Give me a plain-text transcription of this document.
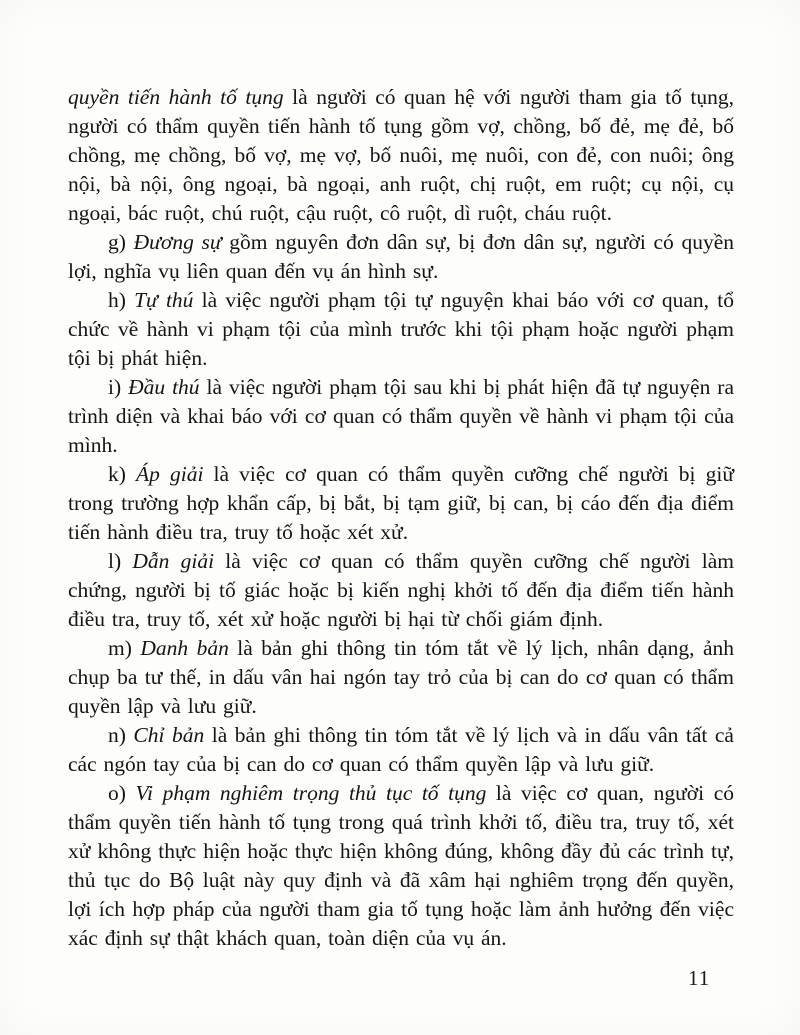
quyền tiến hành tố tụng là người có quan hệ với người tham gia tố tụng, người có thẩm quyền tiến hành tố tụng gồm vợ, chồng, bố đẻ, mẹ đẻ, bố chồng, mẹ chồng, bố vợ, mẹ vợ, bố nuôi, mẹ nuôi, con đẻ, con nuôi; ông nội, bà nội, ông ngoại, bà ngoại, anh ruột, chị ruột, em ruột; cụ nội, cụ ngoại, bác ruột, chú ruột, cậu ruột, cô ruột, dì ruột, cháu ruột.

g) Đương sự gồm nguyên đơn dân sự, bị đơn dân sự, người có quyền lợi, nghĩa vụ liên quan đến vụ án hình sự.

h) Tự thú là việc người phạm tội tự nguyện khai báo với cơ quan, tổ chức về hành vi phạm tội của mình trước khi tội phạm hoặc người phạm tội bị phát hiện.

i) Đầu thú là việc người phạm tội sau khi bị phát hiện đã tự nguyện ra trình diện và khai báo với cơ quan có thẩm quyền về hành vi phạm tội của mình.

k) Áp giải là việc cơ quan có thẩm quyền cưỡng chế người bị giữ trong trường hợp khẩn cấp, bị bắt, bị tạm giữ, bị can, bị cáo đến địa điểm tiến hành điều tra, truy tố hoặc xét xử.

l) Dẫn giải là việc cơ quan có thẩm quyền cưỡng chế người làm chứng, người bị tố giác hoặc bị kiến nghị khởi tố đến địa điểm tiến hành điều tra, truy tố, xét xử hoặc người bị hại từ chối giám định.

m) Danh bản là bản ghi thông tin tóm tắt về lý lịch, nhân dạng, ảnh chụp ba tư thế, in dấu vân hai ngón tay trỏ của bị can do cơ quan có thẩm quyền lập và lưu giữ.

n) Chỉ bản là bản ghi thông tin tóm tắt về lý lịch và in dấu vân tất cả các ngón tay của bị can do cơ quan có thẩm quyền lập và lưu giữ.

o) Vi phạm nghiêm trọng thủ tục tố tụng là việc cơ quan, người có thẩm quyền tiến hành tố tụng trong quá trình khởi tố, điều tra, truy tố, xét xử không thực hiện hoặc thực hiện không đúng, không đầy đủ các trình tự, thủ tục do Bộ luật này quy định và đã xâm hại nghiêm trọng đến quyền, lợi ích hợp pháp của người tham gia tố tụng hoặc làm ảnh hưởng đến việc xác định sự thật khách quan, toàn diện của vụ án.

11
